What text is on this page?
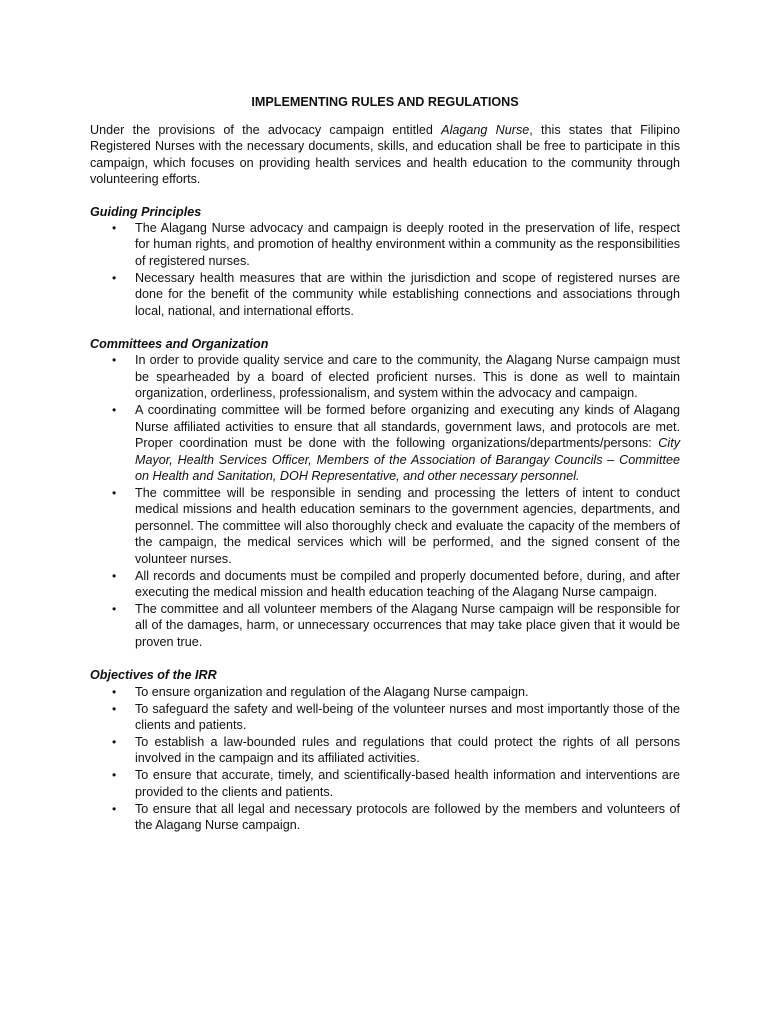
IMPLEMENTING RULES AND REGULATIONS

Under the provisions of the advocacy campaign entitled Alagang Nurse, this states that Filipino Registered Nurses with the necessary documents, skills, and education shall be free to participate in this campaign, which focuses on providing health services and health education to the community through volunteering efforts.

Guiding Principles
• The Alagang Nurse advocacy and campaign is deeply rooted in the preservation of life, respect for human rights, and promotion of healthy environment within a community as the responsibilities of registered nurses.
• Necessary health measures that are within the jurisdiction and scope of registered nurses are done for the benefit of the community while establishing connections and associations through local, national, and international efforts.
Committees and Organization
• In order to provide quality service and care to the community, the Alagang Nurse campaign must be spearheaded by a board of elected proficient nurses. This is done as well to maintain organization, orderliness, professionalism, and system within the advocacy and campaign.
• A coordinating committee will be formed before organizing and executing any kinds of Alagang Nurse affiliated activities to ensure that all standards, government laws, and protocols are met. Proper coordination must be done with the following organizations/departments/persons: City Mayor, Health Services Officer, Members of the Association of Barangay Councils – Committee on Health and Sanitation, DOH Representative, and other necessary personnel.
• The committee will be responsible in sending and processing the letters of intent to conduct medical missions and health education seminars to the government agencies, departments, and personnel. The committee will also thoroughly check and evaluate the capacity of the members of the campaign, the medical services which will be performed, and the signed consent of the volunteer nurses.
• All records and documents must be compiled and properly documented before, during, and after executing the medical mission and health education teaching of the Alagang Nurse campaign.
• The committee and all volunteer members of the Alagang Nurse campaign will be responsible for all of the damages, harm, or unnecessary occurrences that may take place given that it would be proven true.
Objectives of the IRR
• To ensure organization and regulation of the Alagang Nurse campaign.
• To safeguard the safety and well-being of the volunteer nurses and most importantly those of the clients and patients.
• To establish a law-bounded rules and regulations that could protect the rights of all persons involved in the campaign and its affiliated activities.
• To ensure that accurate, timely, and scientifically-based health information and interventions are provided to the clients and patients.
• To ensure that all legal and necessary protocols are followed by the members and volunteers of the Alagang Nurse campaign.
